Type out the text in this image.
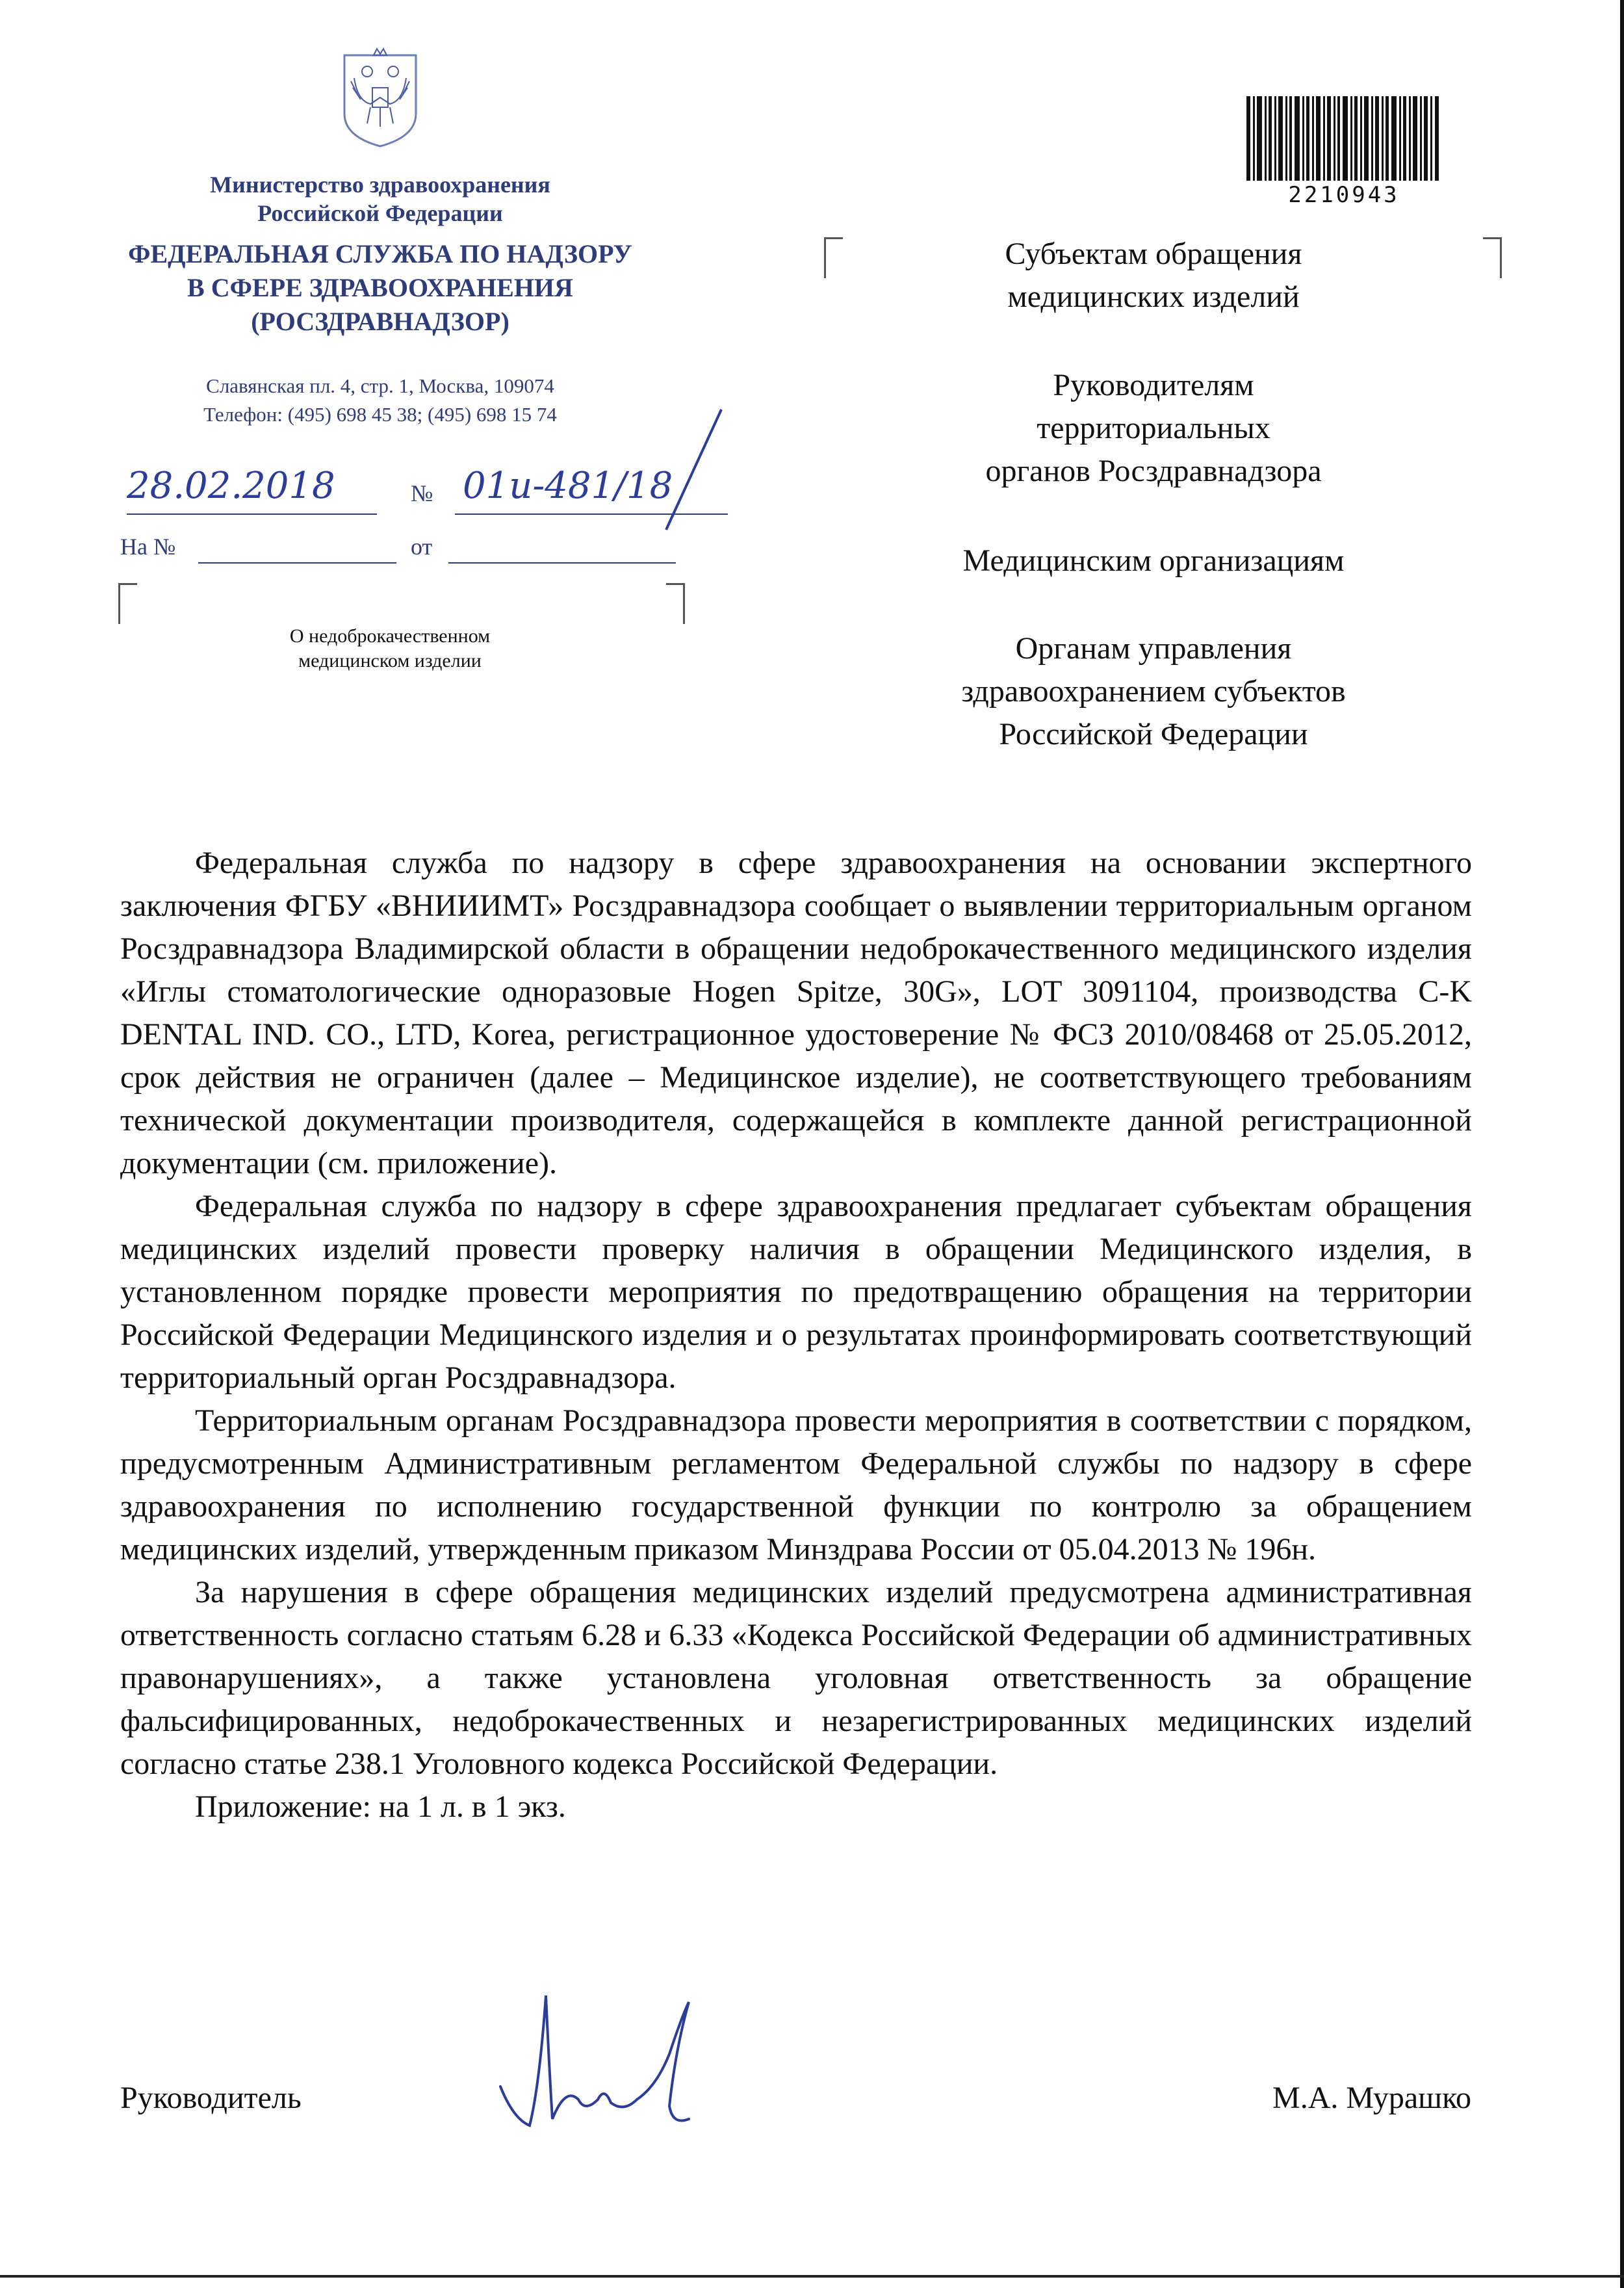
Министерство здравоохранения
Российской Федерации
ФЕДЕРАЛЬНАЯ СЛУЖБА ПО НАДЗОРУ
В СФЕРЕ ЗДРАВООХРАНЕНИЯ
(РОСЗДРАВНАДЗОР)
Славянская пл. 4, стр. 1, Москва, 109074
Телефон: (495) 698 45 38; (495) 698 15 74
28.02.2018	№ 01и-481/18
На №	от
О недоброкачественном
медицинском изделии
2210943
Субъектам обращения
медицинских изделий
Руководителям
территориальных
органов Росздравнадзора
Медицинским организациям
Органам управления
здравоохранением субъектов
Российской Федерации

Федеральная служба по надзору в сфере здравоохранения на основании экспертного заключения ФГБУ «ВНИИИМТ» Росздравнадзора сообщает о выявлении территориальным органом Росздравнадзора Владимирской области в обращении недоброкачественного медицинского изделия «Иглы стоматологические одноразовые Hogen Spitze, 30G», LOT 3091104, производства C-K DENTAL IND. CO., LTD, Korea, регистрационное удостоверение № ФСЗ 2010/08468 от 25.05.2012, срок действия не ограничен (далее – Медицинское изделие), не соответствующего требованиям технической документации производителя, содержащейся в комплекте данной регистрационной документации (см. приложение).

Федеральная служба по надзору в сфере здравоохранения предлагает субъектам обращения медицинских изделий провести проверку наличия в обращении Медицинского изделия, в установленном порядке провести мероприятия по предотвращению обращения на территории Российской Федерации Медицинского изделия и о результатах проинформировать соответствующий территориальный орган Росздравнадзора.

Территориальным органам Росздравнадзора провести мероприятия в соответствии с порядком, предусмотренным Административным регламентом Федеральной службы по надзору в сфере здравоохранения по исполнению государственной функции по контролю за обращением медицинских изделий, утвержденным приказом Минздрава России от 05.04.2013 № 196н.

За нарушения в сфере обращения медицинских изделий предусмотрена административная ответственность согласно статьям 6.28 и 6.33 «Кодекса Российской Федерации об административных правонарушениях», а также установлена уголовная ответственность за обращение фальсифицированных, недоброкачественных и незарегистрированных медицинских изделий согласно статье 238.1 Уголовного кодекса Российской Федерации.

Приложение: на 1 л. в 1 экз.

Руководитель	М.А. Мурашко
